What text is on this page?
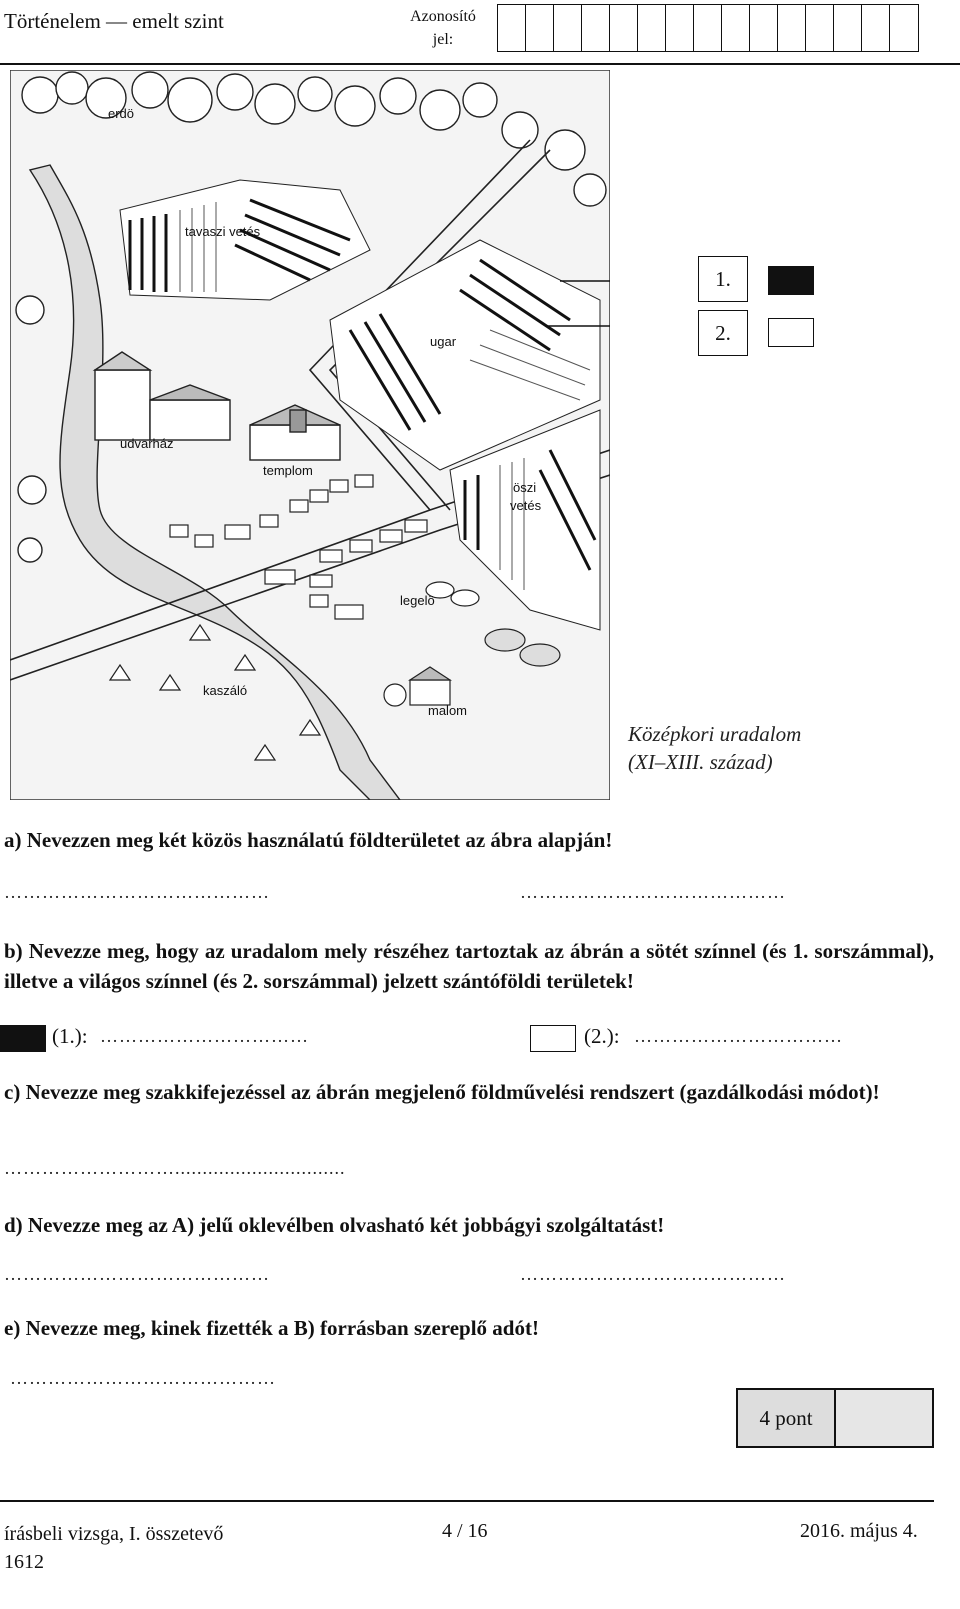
Történelem — emelt szint	Azonosító jel:
erdö
tavaszi vetés
ugar
udvarház
templom
öszi
vetés
legelö
kaszáló
malom
1.
2.
Középkori uradalom
(XI–XIII. század)
a) Nevezzen meg két közös használatú földterületet az ábra alapján!
……………………………………	……………………………………
b) Nevezze meg, hogy az uradalom mely részéhez tartoztak az ábrán a sötét színnel (és 1. sorszámmal), illetve a világos színnel (és 2. sorszámmal) jelzett szántóföldi területek!
(1.): ……………………………	(2.): ……………………………
c) Nevezze meg szakkifejezéssel az ábrán megjelenő földművelési rendszert (gazdálkodási módot)!
………………………...............................
d) Nevezze meg az A) jelű oklevélben olvasható két jobbágyi szolgáltatást!
……………………………………	……………………………………
e) Nevezze meg, kinek fizették a B) forrásban szereplő adót!
……………………………………
4 pont
írásbeli vizsga, I. összetevő
1612
4 / 16	2016. május 4.
